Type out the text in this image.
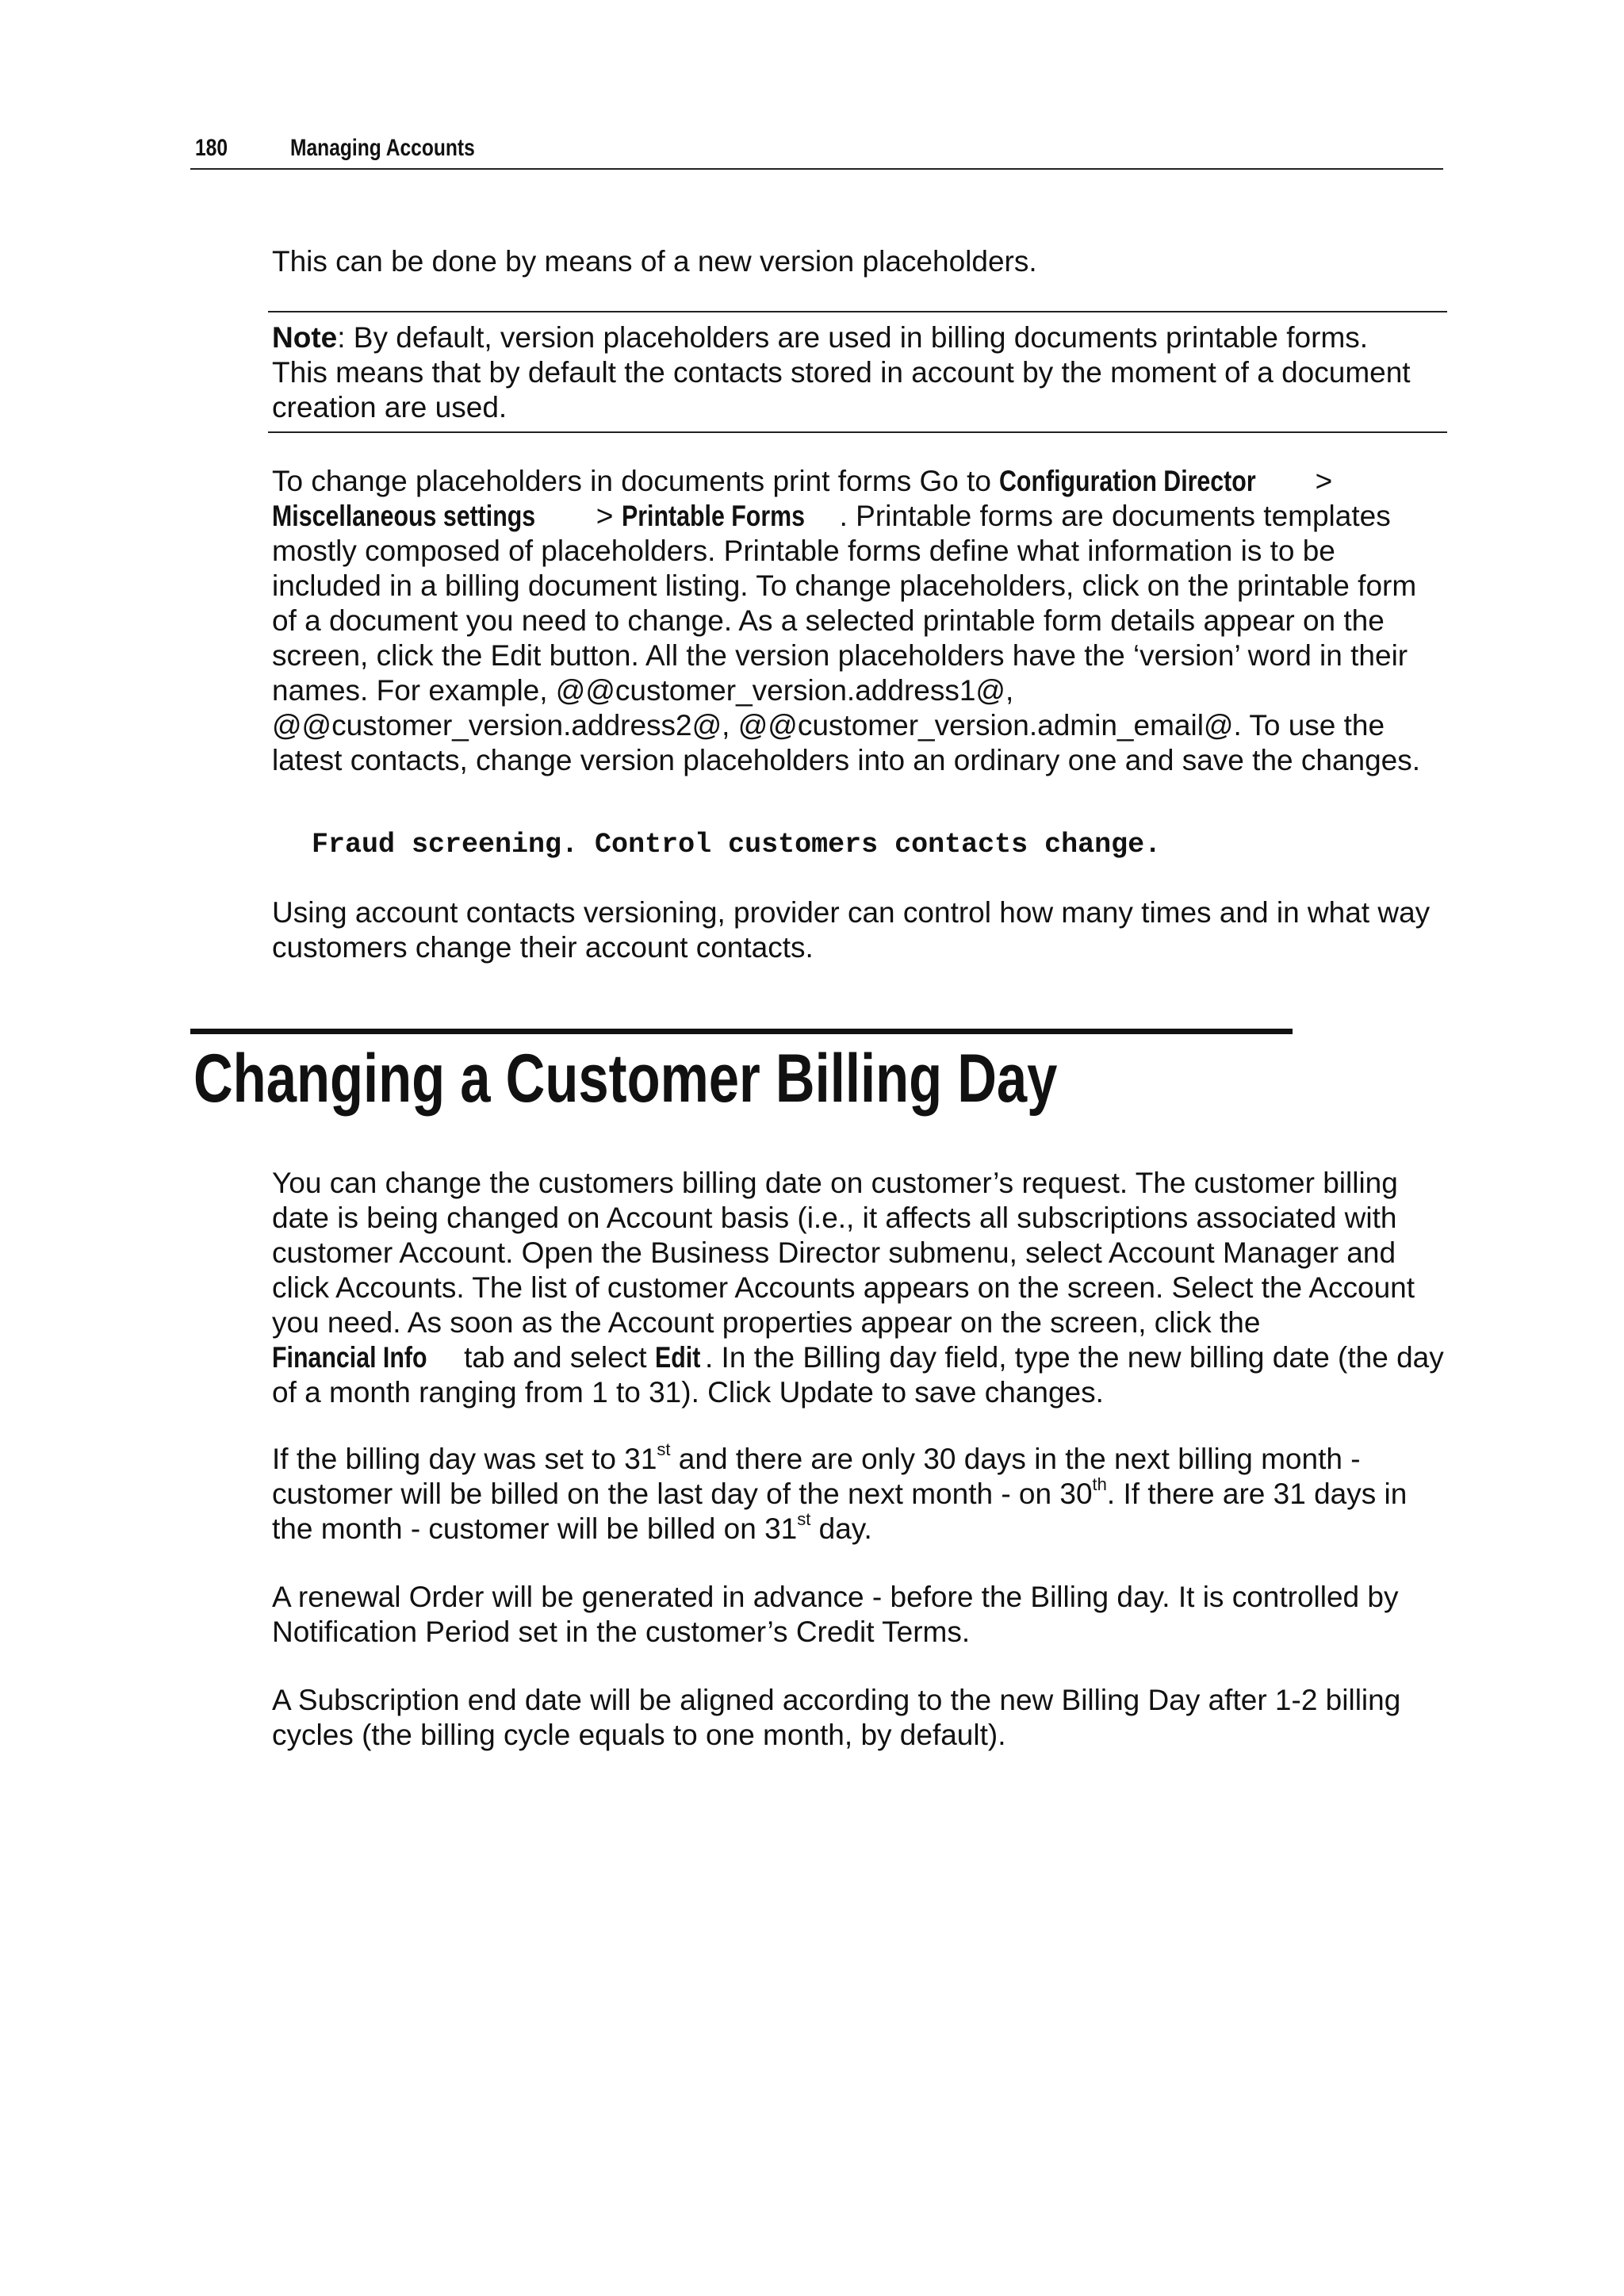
180	Managing Accounts

This can be done by means of a new version placeholders.

Note: By default, version placeholders are used in billing documents printable forms. This means that by default the contacts stored in account by the moment of a document creation are used.

To change placeholders in documents print forms Go to Configuration Director > Miscellaneous settings > Printable Forms . Printable forms are documents templates mostly composed of placeholders. Printable forms define what information is to be included in a billing document listing. To change placeholders, click on the printable form of a document you need to change. As a selected printable form details appear on the screen, click the Edit button. All the version placeholders have the ‘version’ word in their names. For example, @@customer_version.address1@, @@customer_version.address2@, @@customer_version.admin_email@. To use the latest contacts, change version placeholders into an ordinary one and save the changes.

Fraud screening. Control customers contacts change.

Using account contacts versioning, provider can control how many times and in what way customers change their account contacts.

Changing a Customer Billing Day

You can change the customers billing date on customer’s request. The customer billing date is being changed on Account basis (i.e., it affects all subscriptions associated with customer Account. Open the Business Director submenu, select Account Manager and click Accounts. The list of customer Accounts appears on the screen. Select the Account you need. As soon as the Account properties appear on the screen, click the Financial Info tab and select Edit . In the Billing day field, type the new billing date (the day of a month ranging from 1 to 31). Click Update to save changes.

If the billing day was set to 31st and there are only 30 days in the next billing month - customer will be billed on the last day of the next month - on 30th. If there are 31 days in the month - customer will be billed on 31st day.

A renewal Order will be generated in advance - before the Billing day. It is controlled by Notification Period set in the customer’s Credit Terms.

A Subscription end date will be aligned according to the new Billing Day after 1-2 billing cycles (the billing cycle equals to one month, by default).
